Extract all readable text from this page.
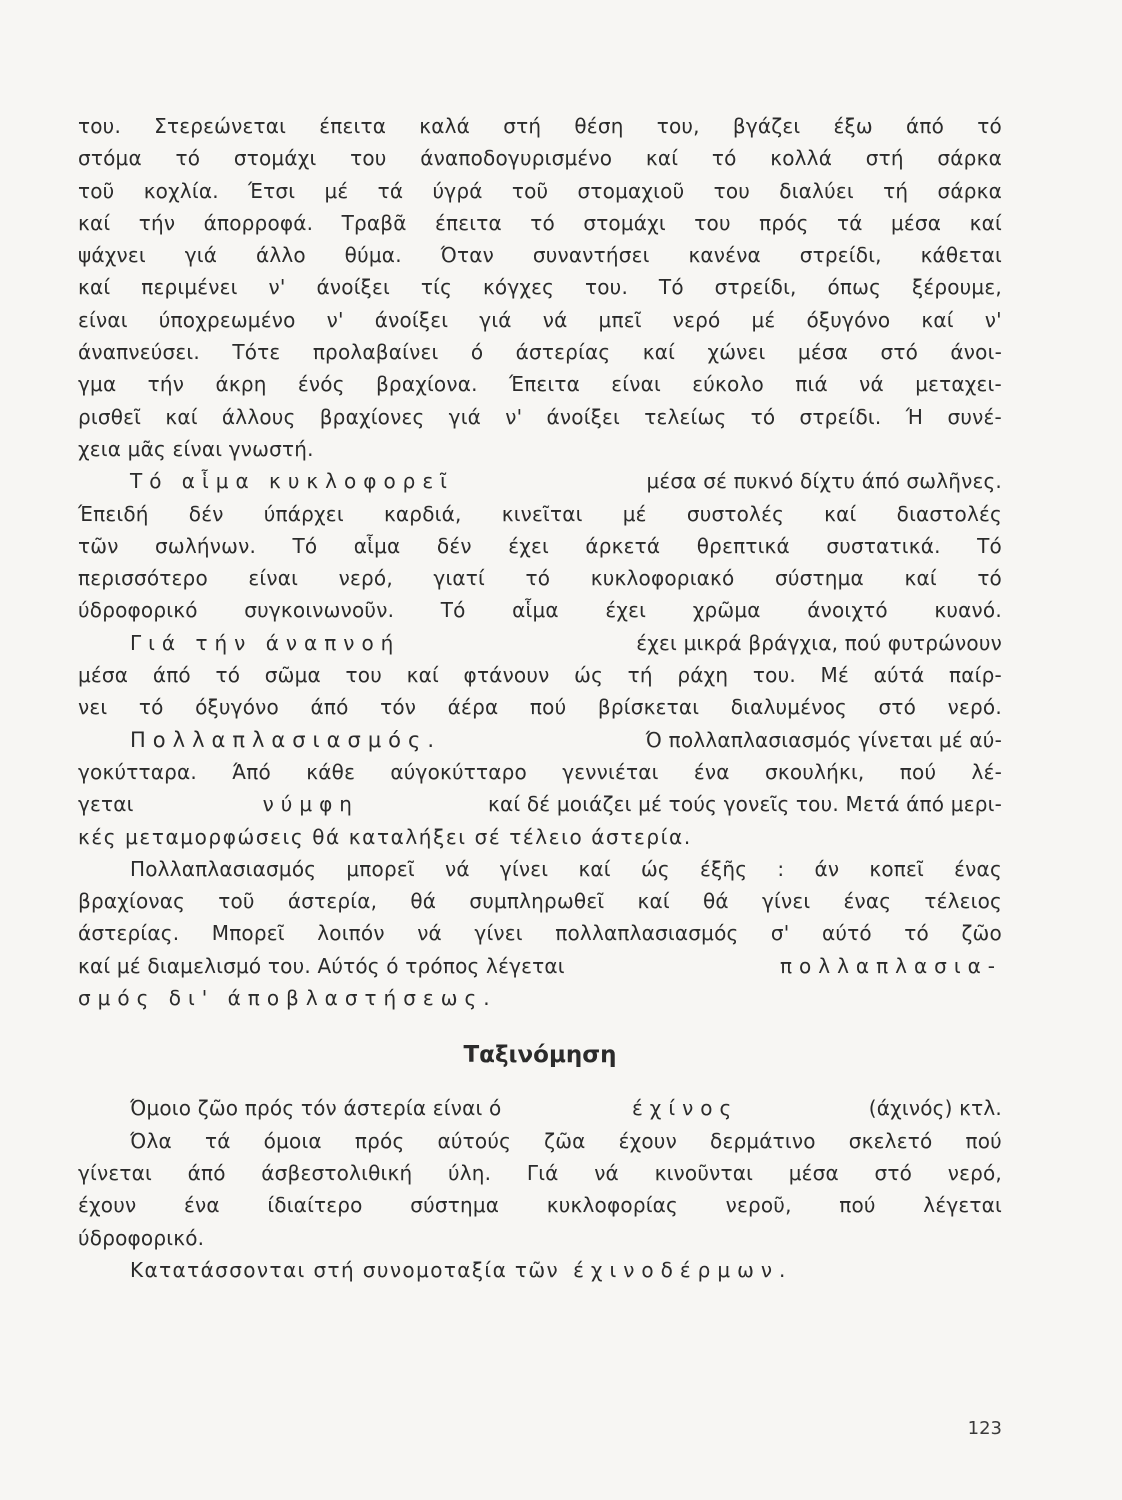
του. Στερεώνεται έπειτα καλά στή θέση του, βγάζει έξω άπό τό
στόμα τό στομάχι του άναποδογυρισμένο καί τό κολλά στή σάρκα
τοῦ κοχλία. Έτσι μέ τά ύγρά τοῦ στομαχιοῦ του διαλύει τή σάρκα
καί τήν άπορροφά. Τραβᾶ έπειτα τό στομάχι του πρός τά μέσα καί
ψάχνει γιά άλλο θύμα. Όταν συναντήσει κανένα στρείδι, κάθεται
καί περιμένει ν' άνοίξει τίς κόγχες του. Τό στρείδι, όπως ξέρουμε,
είναι ύποχρεωμένο ν' άνοίξει γιά νά μπεῖ νερό μέ όξυγόνο καί ν'
άναπνεύσει. Τότε προλαβαίνει ό άστερίας καί χώνει μέσα στό άνοι-
γμα τήν άκρη ένός βραχίονα. Έπειτα είναι εύκολο πιά νά μεταχει-
ρισθεῖ καί άλλους βραχίονες γιά ν' άνοίξει τελείως τό στρείδι. Ή συνέ-
χεια μᾶς είναι γνωστή.
Τό αἷμα κυκλοφορεῖ	μέσα σέ πυκνό δίχτυ άπό σωλῆνες.
Έπειδή δέν ύπάρχει καρδιά, κινεῖται μέ συστολές καί διαστολές
τῶν σωλήνων. Τό αἷμα δέν έχει άρκετά θρεπτικά συστατικά. Τό
περισσότερο είναι νερό, γιατί τό κυκλοφοριακό σύστημα καί τό
ύδροφορικό συγκοινωνοῦν. Τό αἷμα έχει χρῶμα άνοιχτό κυανό.
Γιά τήν άναπνοή	έχει μικρά βράγχια, πού φυτρώνουν
μέσα άπό τό σῶμα του καί φτάνουν ώς τή ράχη του. Μέ αύτά παίρ-
νει τό όξυγόνο άπό τόν άέρα πού βρίσκεται διαλυμένος στό νερό.
Πολλαπλασιασμός.	Ό πολλαπλασιασμός γίνεται μέ αύ-
γοκύτταρα. Άπό κάθε αύγοκύτταρο γεννιέται ένα σκουλήκι, πού λέ-
γεται	νύμφη	καί δέ μοιάζει μέ τούς γονεῖς του. Μετά άπό μερι-
κές μεταμορφώσεις θά καταλήξει σέ τέλειο άστερία.
Πολλαπλασιασμός μπορεῖ νά γίνει καί ώς έξῆς : άν κοπεῖ ένας
βραχίονας τοῦ άστερία, θά συμπληρωθεῖ καί θά γίνει ένας τέλειος
άστερίας. Μπορεῖ λοιπόν νά γίνει πολλαπλασιασμός σ' αύτό τό ζῶο
καί μέ διαμελισμό του. Αύτός ό τρόπος λέγεται	πολλαπλασια-
σμός δι' άποβλαστήσεως.
Ταξινόμηση
Όμοιο ζῶο πρός τόν άστερία είναι ό	έχίνος	(άχινός) κτλ.
Όλα τά όμοια πρός αύτούς ζῶα έχουν δερμάτινο σκελετό πού
γίνεται άπό άσβεστολιθική ύλη. Γιά νά κινοῦνται μέσα στό νερό,
έχουν ένα ίδιαίτερο σύστημα κυκλοφορίας νεροῦ, πού λέγεται
ύδροφορικό.
Κατατάσσονται στή συνομοταξία τῶν έχινοδέρμων.
123
